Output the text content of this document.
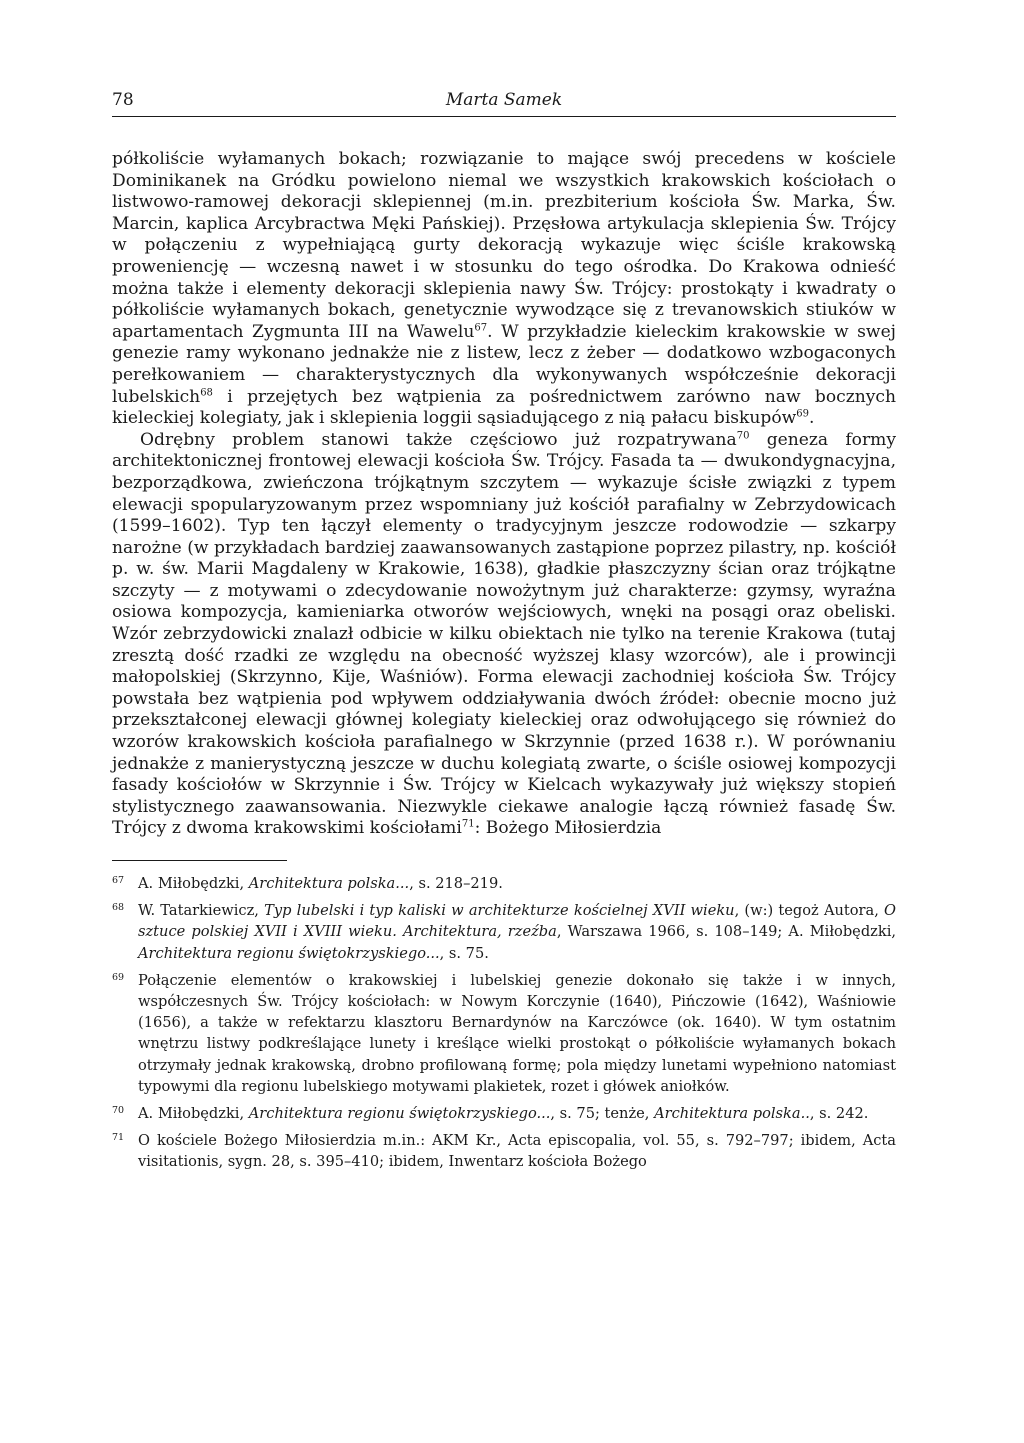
78	Marta Samek

półkoliście wyłamanych bokach; rozwiązanie to mające swój precedens w kościele Dominikanek na Gródku powielono niemal we wszystkich krakowskich kościołach o listwowo-ramowej dekoracji sklepiennej (m.in. prezbiterium kościoła Św. Marka, Św. Marcin, kaplica Arcybractwa Męki Pańskiej). Przęsłowa artykulacja sklepienia Św. Trójcy w połączeniu z wypełniającą gurty dekoracją wykazuje więc ściśle krakowską proweniencję — wczesną nawet i w stosunku do tego ośrodka. Do Krakowa odnieść można także i elementy dekoracji sklepienia nawy Św. Trójcy: prostokąty i kwadraty o półkoliście wyłamanych bokach, genetycznie wywodzące się z trevanowskich stiuków w apartamentach Zygmunta III na Wawelu$^{67}$. W przykładzie kieleckim krakowskie w swej genezie ramy wykonano jednakże nie z listew, lecz z żeber — dodatkowo wzbogaconych perełkowaniem — charakterystycznych dla wykonywanych współcześnie dekoracji lubelskich$^{68}$ i przejętych bez wątpienia za pośrednictwem zarówno naw bocznych kieleckiej kolegiaty, jak i sklepienia loggii sąsiadującego z nią pałacu biskupów$^{69}$.

Odrębny problem stanowi także częściowo już rozpatrywana$^{70}$ geneza formy architektonicznej frontowej elewacji kościoła Św. Trójcy. Fasada ta — dwukondygnacyjna, bezporządkowa, zwieńczona trójkątnym szczytem — wykazuje ścisłe związki z typem elewacji spopularyzowanym przez wspomniany już kościół parafialny w Zebrzydowicach (1599–1602). Typ ten łączył elementy o tradycyjnym jeszcze rodowodzie — szkarpy narożne (w przykładach bardziej zaawansowanych zastąpione poprzez pilastry, np. kościół p. w. św. Marii Magdaleny w Krakowie, 1638), gładkie płaszczyzny ścian oraz trójkątne szczyty — z motywami o zdecydowanie nowożytnym już charakterze: gzymsy, wyraźna osiowa kompozycja, kamieniarka otworów wejściowych, wnęki na posągi oraz obeliski. Wzór zebrzydowicki znalazł odbicie w kilku obiektach nie tylko na terenie Krakowa (tutaj zresztą dość rzadki ze względu na obecność wyższej klasy wzorców), ale i prowincji małopolskiej (Skrzynno, Kije, Waśniów). Forma elewacji zachodniej kościoła Św. Trójcy powstała bez wątpienia pod wpływem oddziaływania dwóch źródeł: obecnie mocno już przekształconej elewacji głównej kolegiaty kieleckiej oraz odwołującego się również do wzorów krakowskich kościoła parafialnego w Skrzynnie (przed 1638 r.). W porównaniu jednakże z manierystyczną jeszcze w duchu kolegiatą zwarte, o ściśle osiowej kompozycji fasady kościołów w Skrzynnie i Św. Trójcy w Kielcach wykazywały już większy stopień stylistycznego zaawansowania. Niezwykle ciekawe analogie łączą również fasadę Św. Trójcy z dwoma krakowskimi kościołami$^{71}$: Bożego Miłosierdzia

67 A. Miłobędzki, Architektura polska..., s. 218–219.
68 W. Tatarkiewicz, Typ lubelski i typ kaliski w architekturze kościelnej XVII wieku, (w:) tegoż Autora, O sztuce polskiej XVII i XVIII wieku. Architektura, rzeźba, Warszawa 1966, s. 108–149; A. Miłobędzki, Architektura regionu świętokrzyskiego..., s. 75.
69 Połączenie elementów o krakowskiej i lubelskiej genezie dokonało się także i w innych, współczesnych Św. Trójcy kościołach: w Nowym Korczynie (1640), Pińczowie (1642), Waśniowie (1656), a także w refektarzu klasztoru Bernardynów na Karczówce (ok. 1640). W tym ostatnim wnętrzu listwy podkreślające lunety i kreślące wielki prostokąt o półkoliście wyłamanych bokach otrzymały jednak krakowską, drobno profilowaną formę; pola między lunetami wypełniono natomiast typowymi dla regionu lubelskiego motywami plakietek, rozet i główek aniołków.
70 A. Miłobędzki, Architektura regionu świętokrzyskiego..., s. 75; tenże, Architektura polska.., s. 242.
71 O kościele Bożego Miłosierdzia m.in.: AKM Kr., Acta episcopalia, vol. 55, s. 792–797; ibidem, Acta visitationis, sygn. 28, s. 395–410; ibidem, Inwentarz kościoła Bożego
